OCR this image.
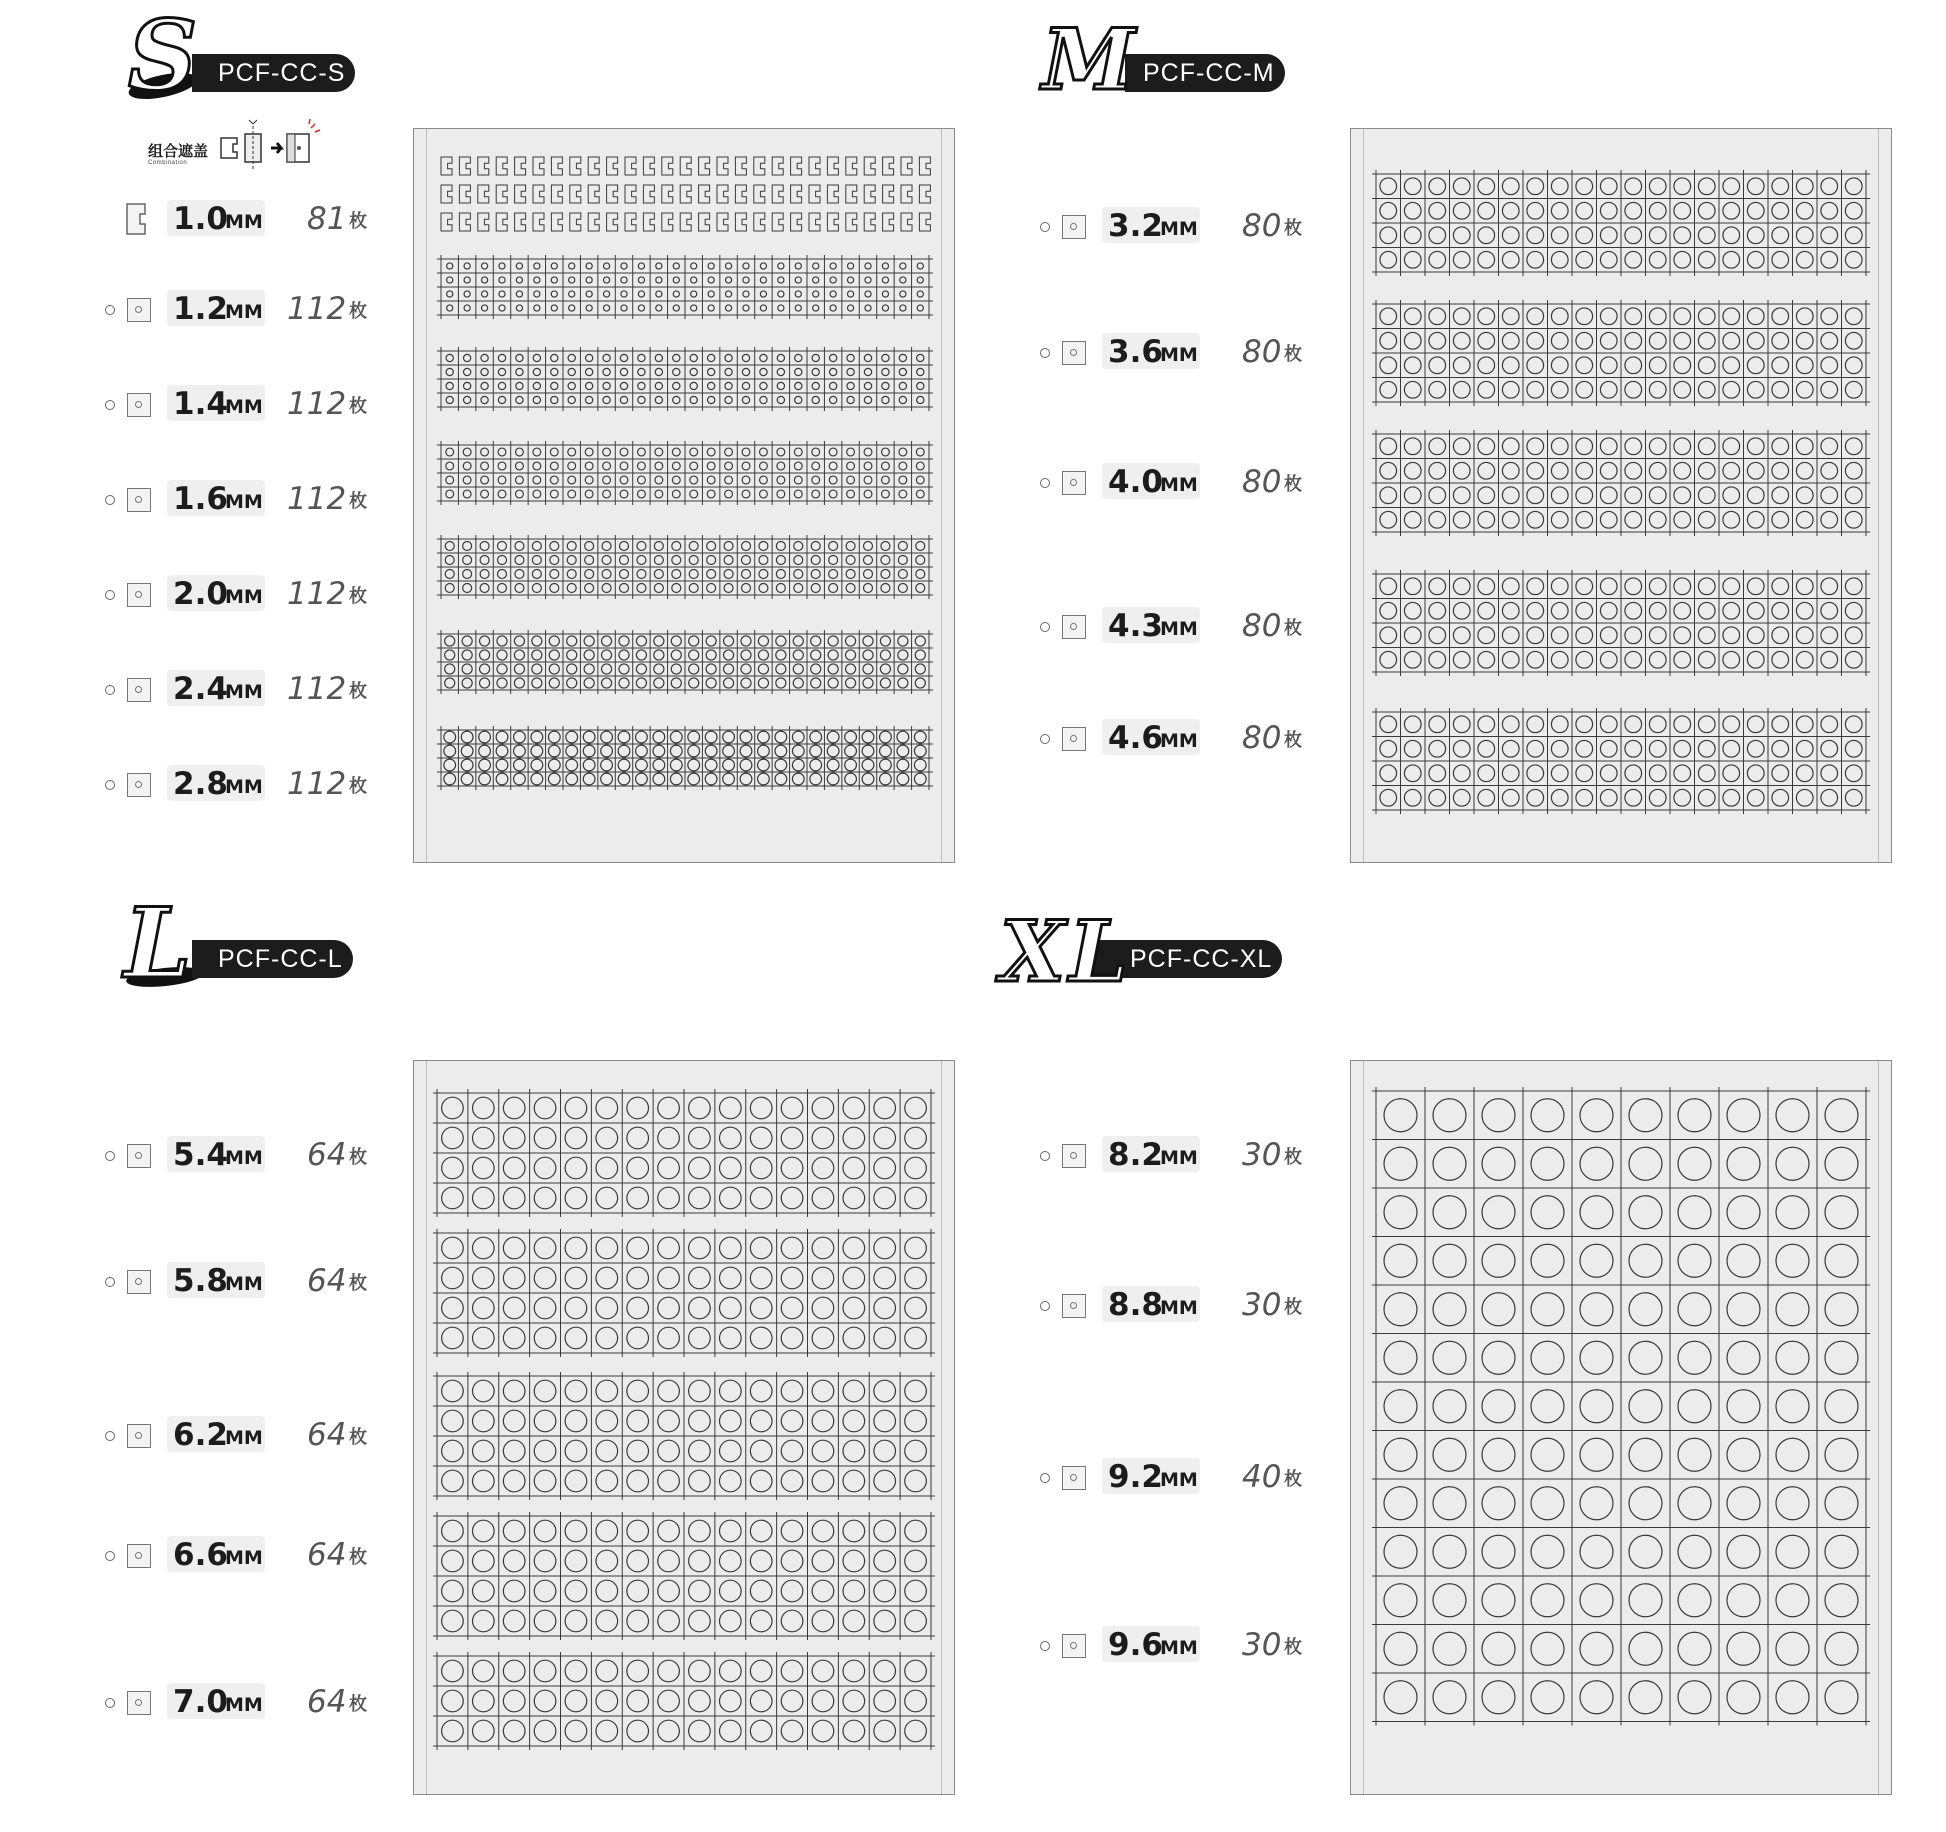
PCF-CC-S
S
组合遮盖
Combination
1.0
MM 81 枚
1.2
MM 112 枚
1.4
MM 112 枚
1.6
MM 112 枚
2.0
MM 112 枚
2.4
MM 112 枚
2.8
MM 112 枚
PCF-CC-M
M
PCF-CC-L
L	PCF-CC-XL
XL
3.2
MM 80 枚
3.6
MM 80 枚
4.0
MM 80 枚
4.3
MM 80 枚
4.6
MM 80 枚
5.4
MM 64 枚
5.8
MM 64 枚
6.2
MM 64 枚
6.6
MM 64 枚
7.0
MM 64 枚
8.2
MM 30 枚
8.8
MM 30 枚
9.2
MM 40 枚
9.6
MM 30 枚
